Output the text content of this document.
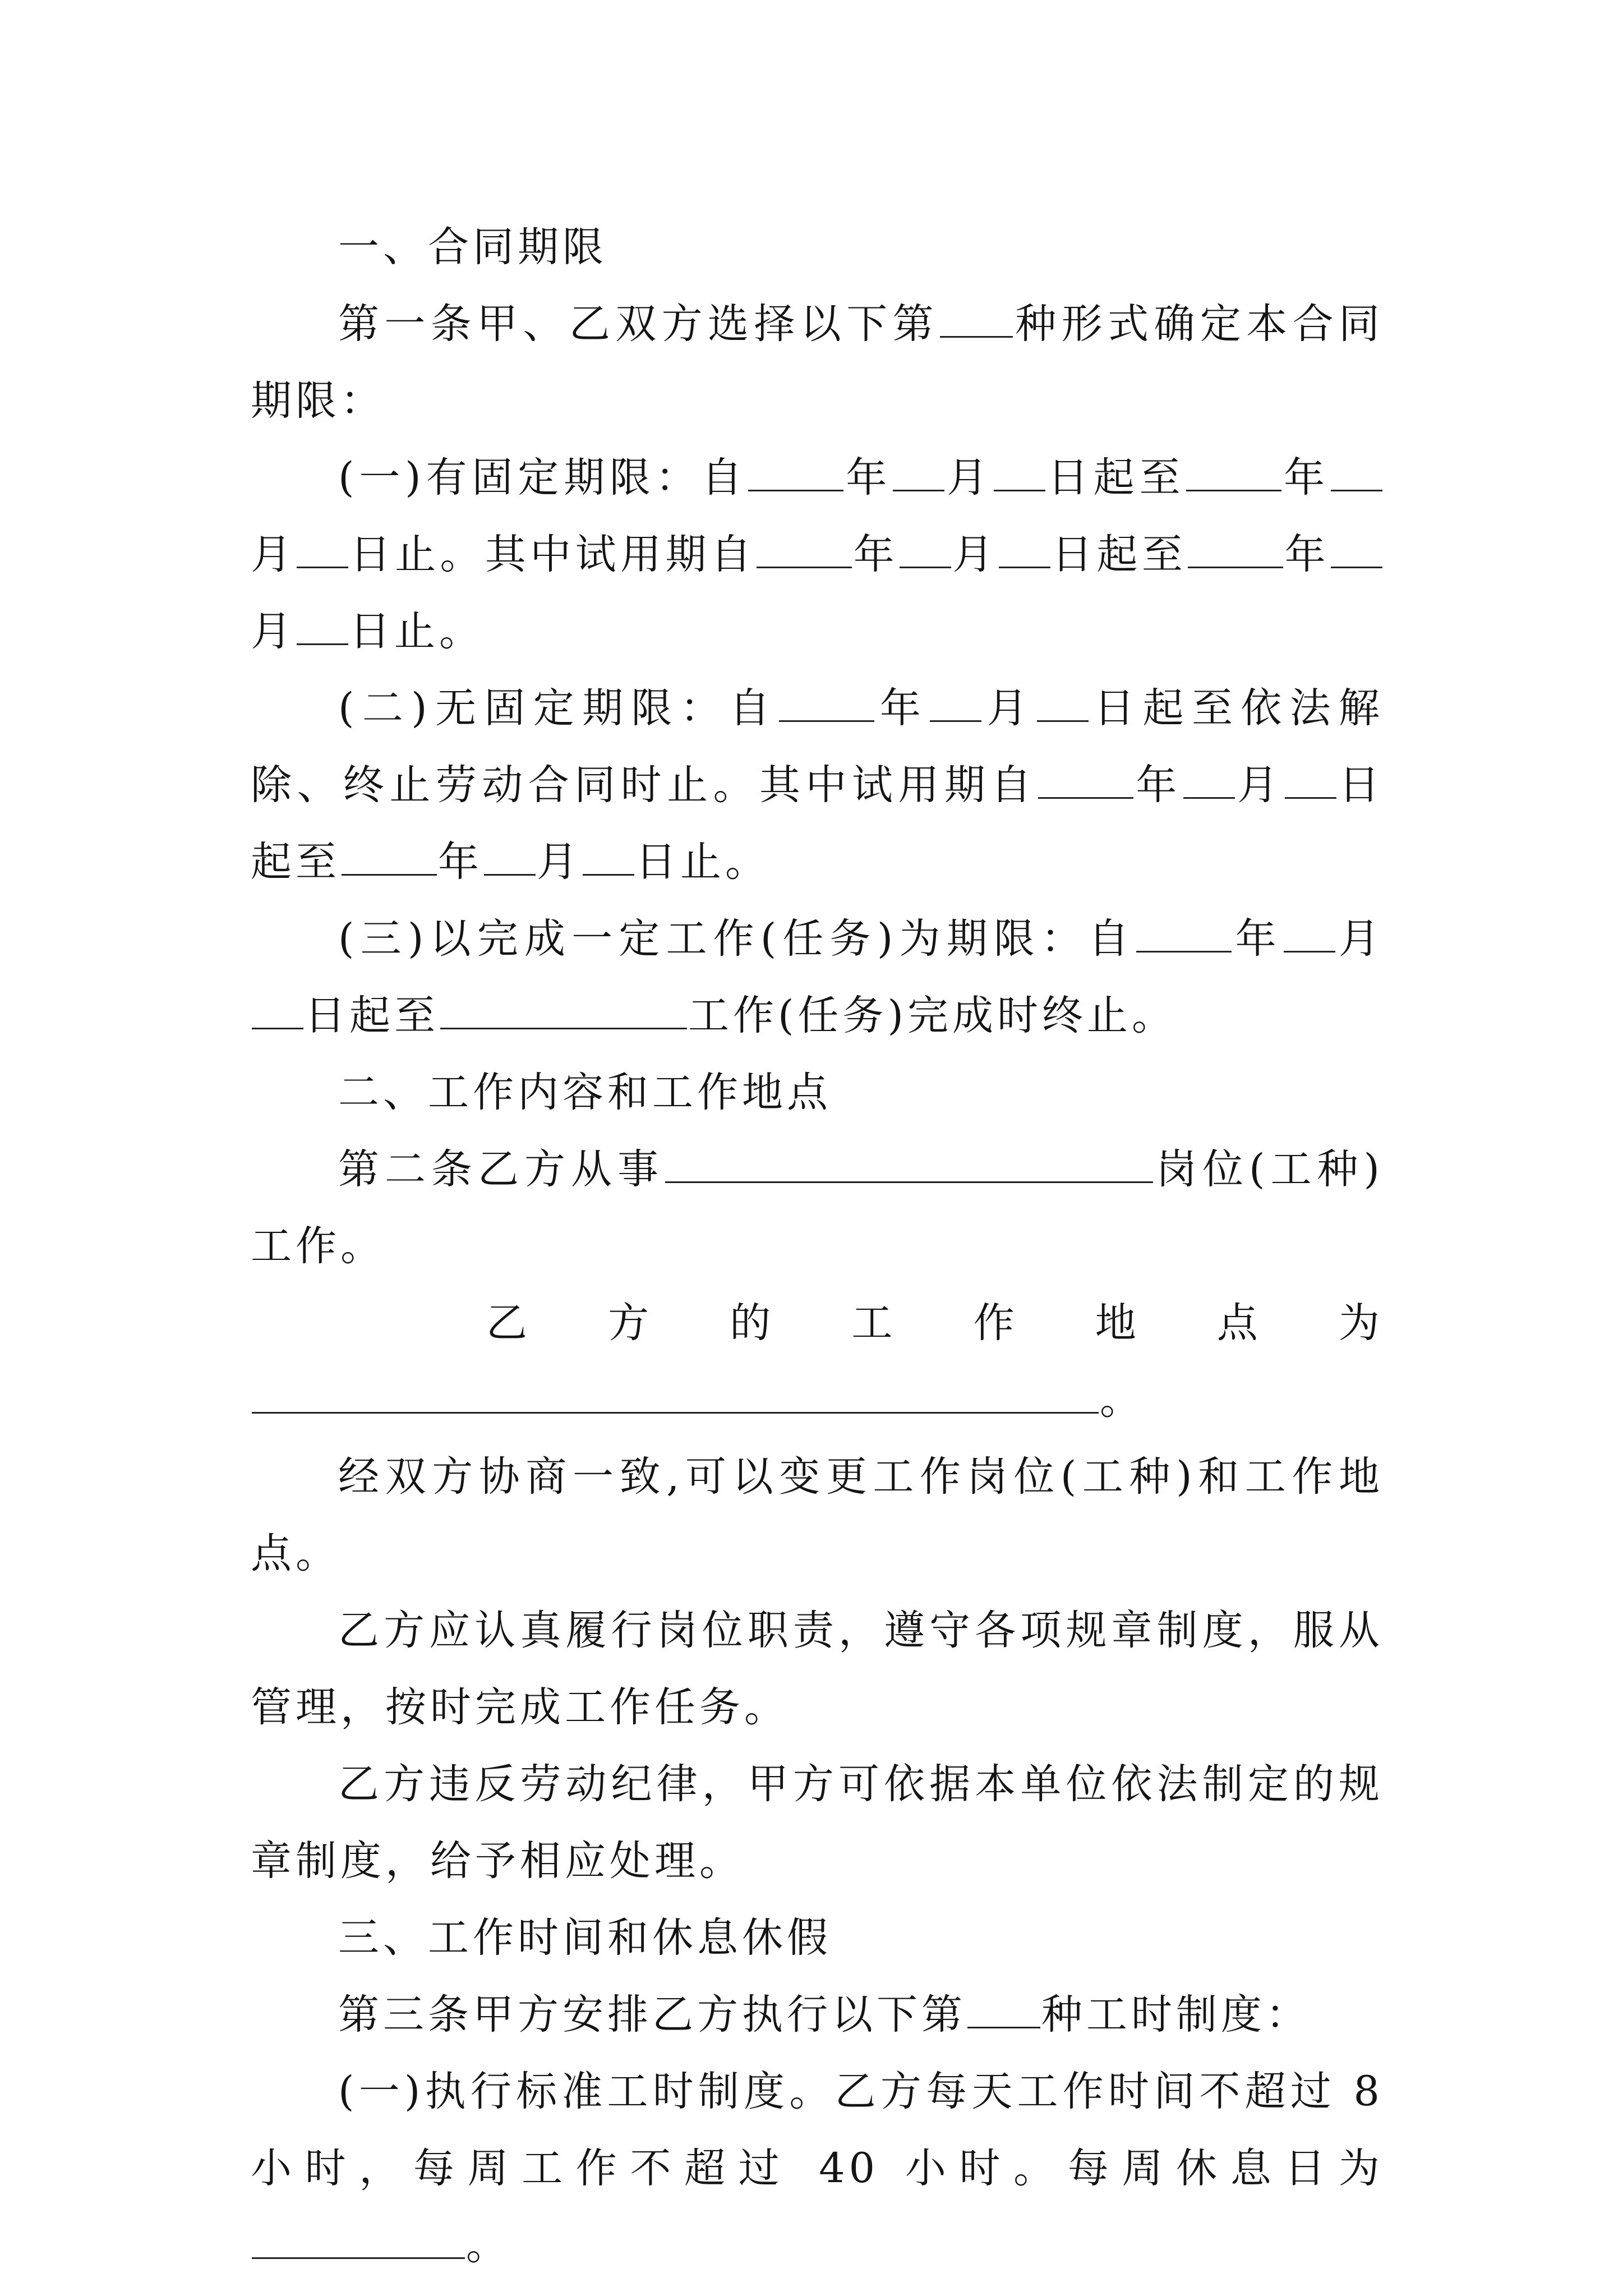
一、合同期限

第一条甲、乙双方选择以下第 种形式确定本合同期限：

(一)有固定期限：自 年 月 日起至 年月 日止。其中试用期自 年 月 日起至 年月 日止。

(二)无固定期限：自 年 月 日起至依法解除、终止劳动合同时止。其中试用期自 年 月 日起至 年 月 日止。

(三)以完成一定工作(任务)为期限：自 年 月日起至	工作(任务)完成时终止。

二、工作内容和工作地点

第二条乙方从事	岗位(工种)工作。

乙 方 的 工 作 地 点 为

。

经双方协商一致,可以变更工作岗位(工种)和工作地点。

乙方应认真履行岗位职责，遵守各项规章制度，服从管理，按时完成工作任务。

乙方违反劳动纪律，甲方可依据本单位依法制定的规章制度，给予相应处理。

三、工作时间和休息休假

第三条甲方安排乙方执行以下第 种工时制度：

(一)执行标准工时制度。乙方每天工作时间不超过 8 小时，每周工作不超过 40 小时。每周休息日为。
